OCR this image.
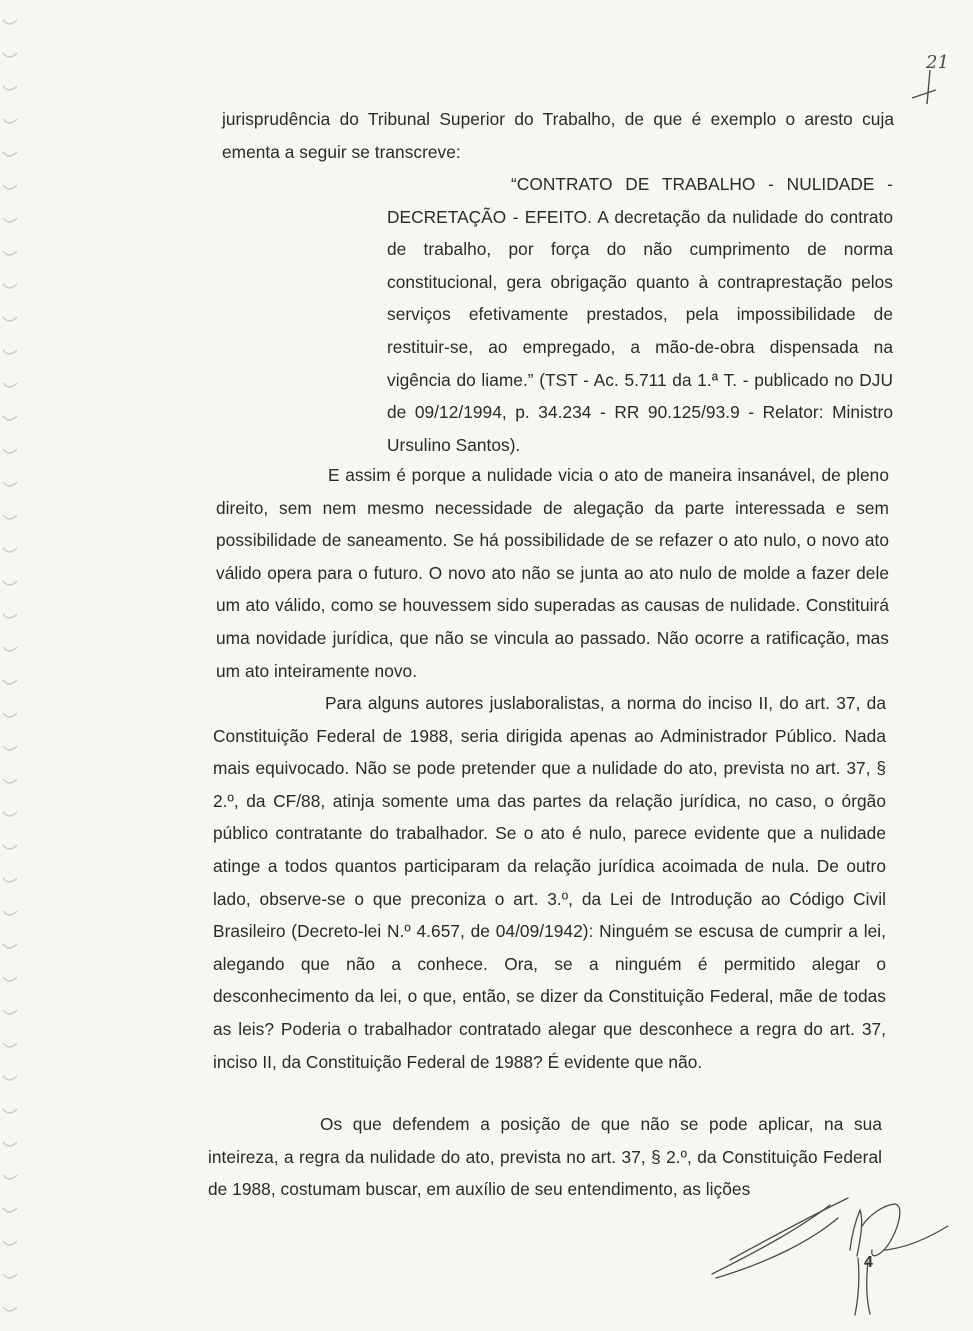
jurisprudência do Tribunal Superior do Trabalho, de que é exemplo o aresto cuja ementa a seguir se transcreve:

“CONTRATO DE TRABALHO - NULIDADE - DECRETAÇÃO - EFEITO. A decretação da nulidade do contrato de trabalho, por força do não cumprimento de norma constitucional, gera obrigação quanto à contraprestação pelos serviços efetivamente prestados, pela impossibilidade de restituir-se, ao empregado, a mão-de-obra dispensada na vigência do liame.” (TST - Ac. 5.711 da 1.ª T. - publicado no DJU de 09/12/1994, p. 34.234 - RR 90.125/93.9 - Relator: Ministro Ursulino Santos).

E assim é porque a nulidade vicia o ato de maneira insanável, de pleno direito, sem nem mesmo necessidade de alegação da parte interessada e sem possibilidade de saneamento. Se há possibilidade de se refazer o ato nulo, o novo ato válido opera para o futuro. O novo ato não se junta ao ato nulo de molde a fazer dele um ato válido, como se houvessem sido superadas as causas de nulidade. Constituirá uma novidade jurídica, que não se vincula ao passado. Não ocorre a ratificação, mas um ato inteiramente novo.

Para alguns autores juslaboralistas, a norma do inciso II, do art. 37, da Constituição Federal de 1988, seria dirigida apenas ao Administrador Público. Nada mais equivocado. Não se pode pretender que a nulidade do ato, prevista no art. 37, § 2.º, da CF/88, atinja somente uma das partes da relação jurídica, no caso, o órgão público contratante do trabalhador. Se o ato é nulo, parece evidente que a nulidade atinge a todos quantos participaram da relação jurídica acoimada de nula. De outro lado, observe-se o que preconiza o art. 3.º, da Lei de Introdução ao Código Civil Brasileiro (Decreto-lei N.º 4.657, de 04/09/1942): Ninguém se escusa de cumprir a lei, alegando que não a conhece. Ora, se a ninguém é permitido alegar o desconhecimento da lei, o que, então, se dizer da Constituição Federal, mãe de todas as leis? Poderia o trabalhador contratado alegar que desconhece a regra do art. 37, inciso II, da Constituição Federal de 1988? É evidente que não.

Os que defendem a posição de que não se pode aplicar, na sua inteireza, a regra da nulidade do ato, prevista no art. 37, § 2.º, da Constituição Federal de 1988, costumam buscar, em auxílio de seu entendimento, as lições

21
4
